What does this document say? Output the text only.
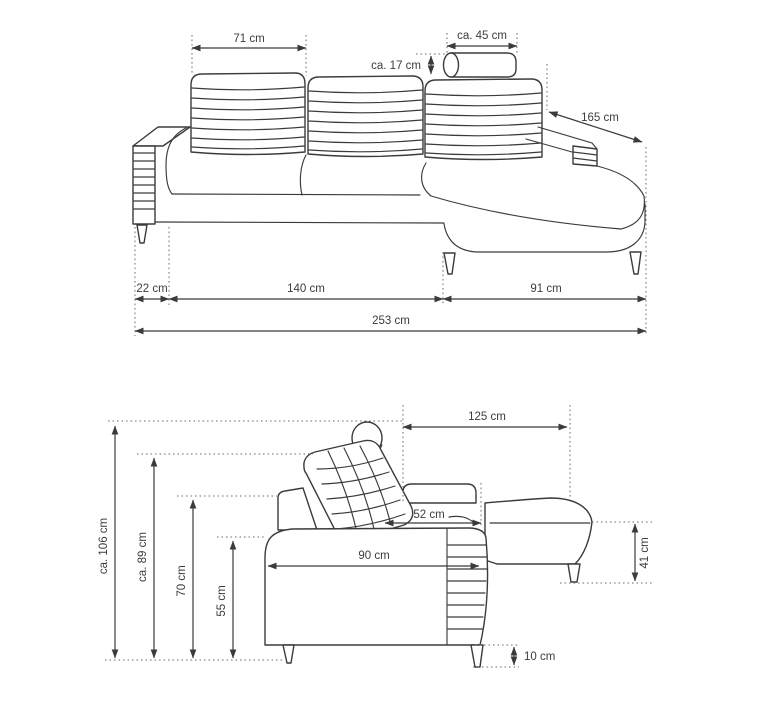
71 cm	ca. 45 cm
ca. 17 cm
165 cm
22 cm	140 cm	91 cm
253 cm
ca. 106 cm ca. 89 cm 70 cm
55 cm
125 cm
52 cm
90 cm	41 cm
10 cm
